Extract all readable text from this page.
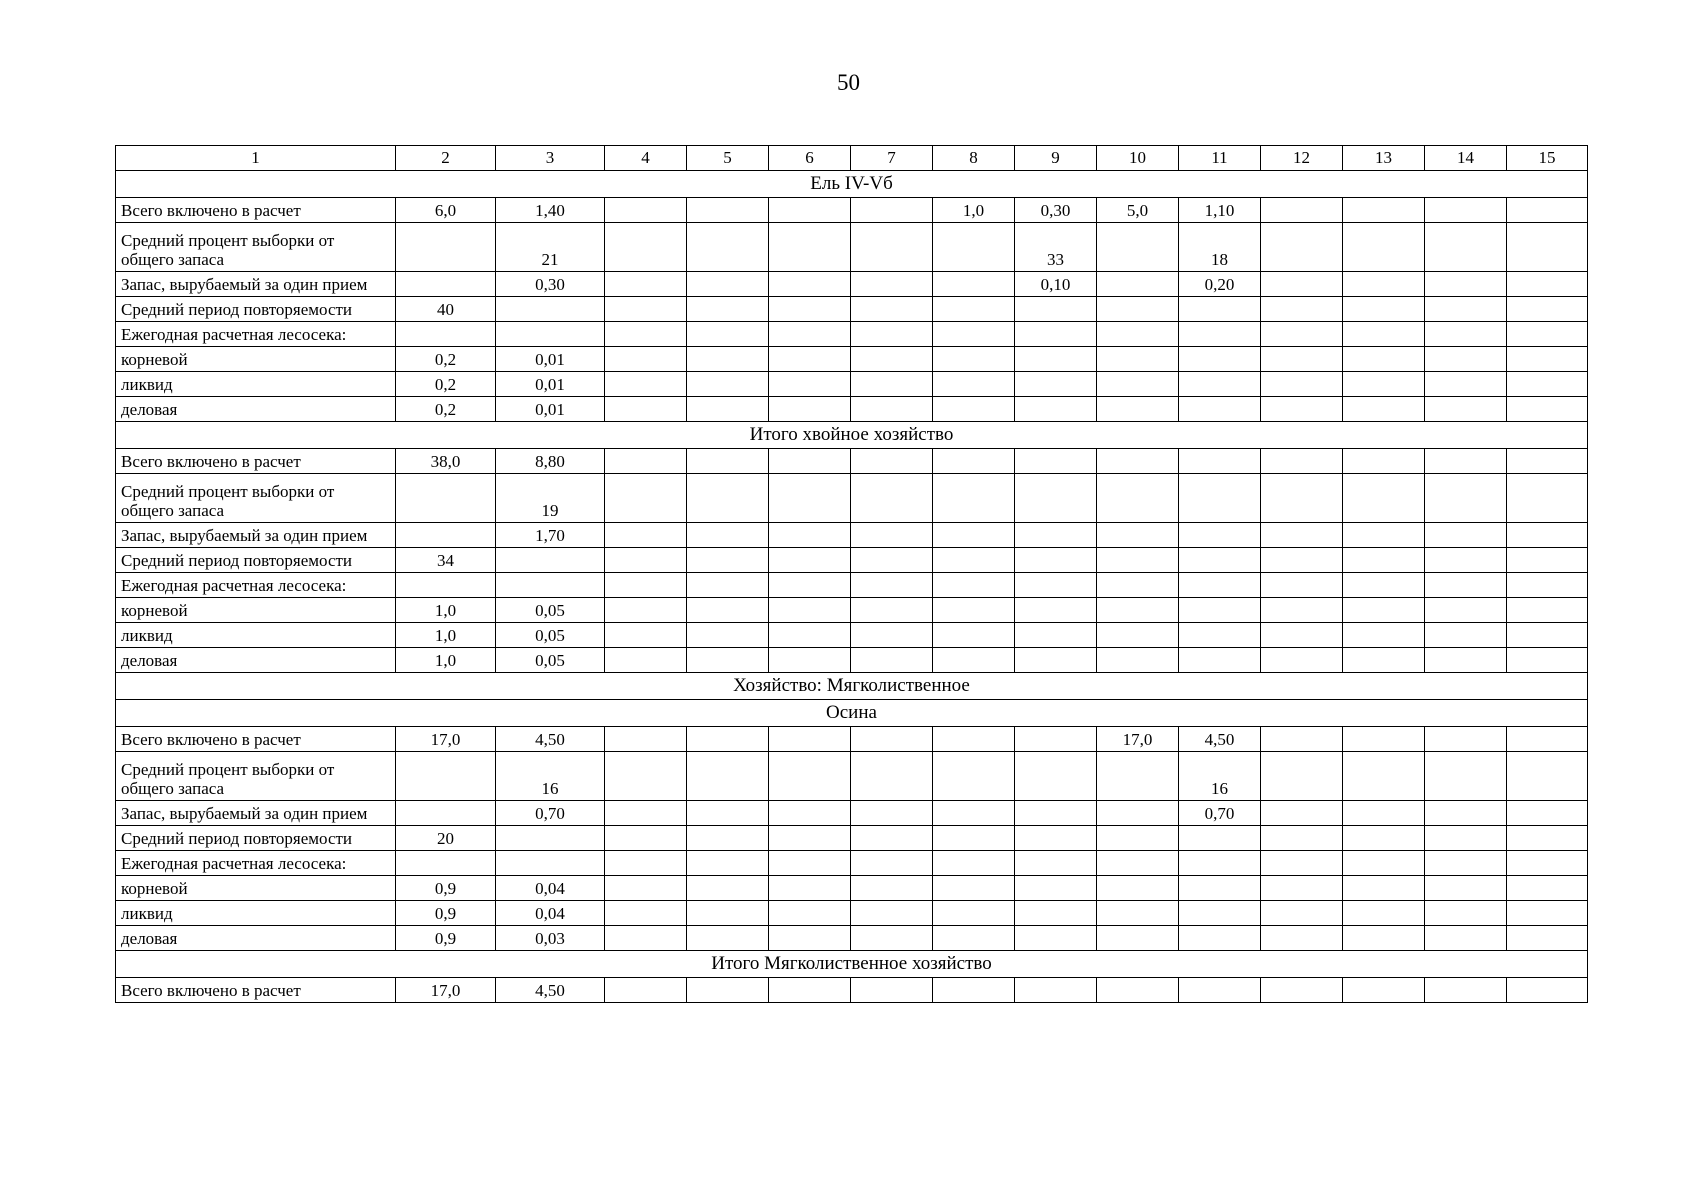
50
1	2	3	4	5	6	7	8	9	10	11	12	13	14	15
Ель IV-Vб														
Всего включено в расчет	6,0	1,40					1,0	0,30	5,0	1,10				
Средний процент выборки от общего запаса		21						33		18				
Запас, вырубаемый за один прием		0,30						0,10		0,20				
Средний период повторяемости	40													
Ежегодная расчетная лесосека:														
корневой	0,2	0,01												
ликвид	0,2	0,01												
деловая	0,2	0,01												
Итого хвойное хозяйство														
Всего включено в расчет	38,0	8,80												
Средний процент выборки от общего запаса		19												
Запас, вырубаемый за один прием		1,70												
Средний период повторяемости	34													
Ежегодная расчетная лесосека:														
корневой	1,0	0,05												
ликвид	1,0	0,05												
деловая	1,0	0,05												
Хозяйство: Мягколиственное														
Осина														
Всего включено в расчет	17,0	4,50							17,0	4,50				
Средний процент выборки от общего запаса		16								16				
Запас, вырубаемый за один прием		0,70								0,70				
Средний период повторяемости	20													
Ежегодная расчетная лесосека:														
корневой	0,9	0,04												
ликвид	0,9	0,04												
деловая	0,9	0,03												
Итого Мягколиственное хозяйство														
Всего включено в расчет	17,0	4,50												
